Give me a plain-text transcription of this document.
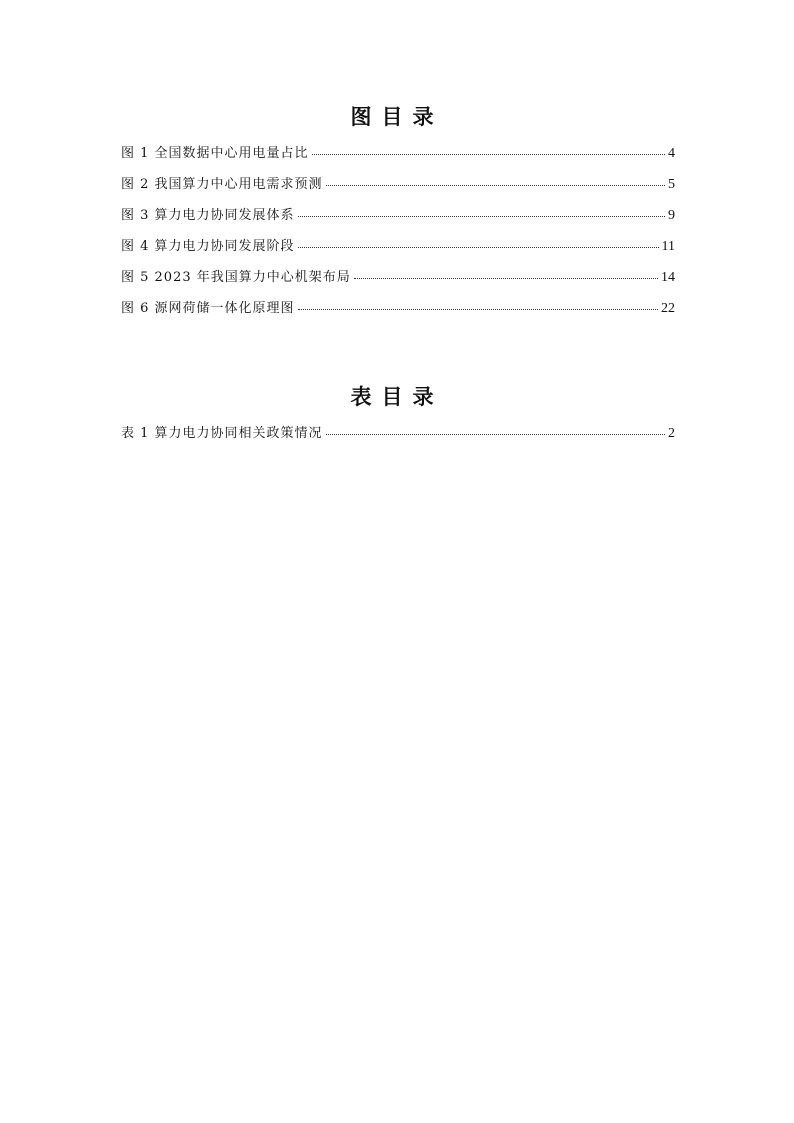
图目录
图 1 全国数据中心用电量占比	4
图 2 我国算力中心用电需求预测	5
图 3 算力电力协同发展体系	9
图 4 算力电力协同发展阶段	11
图 5 2023 年我国算力中心机架布局	14
图 6 源网荷储一体化原理图	22
表目录
表 1 算力电力协同相关政策情况	2
